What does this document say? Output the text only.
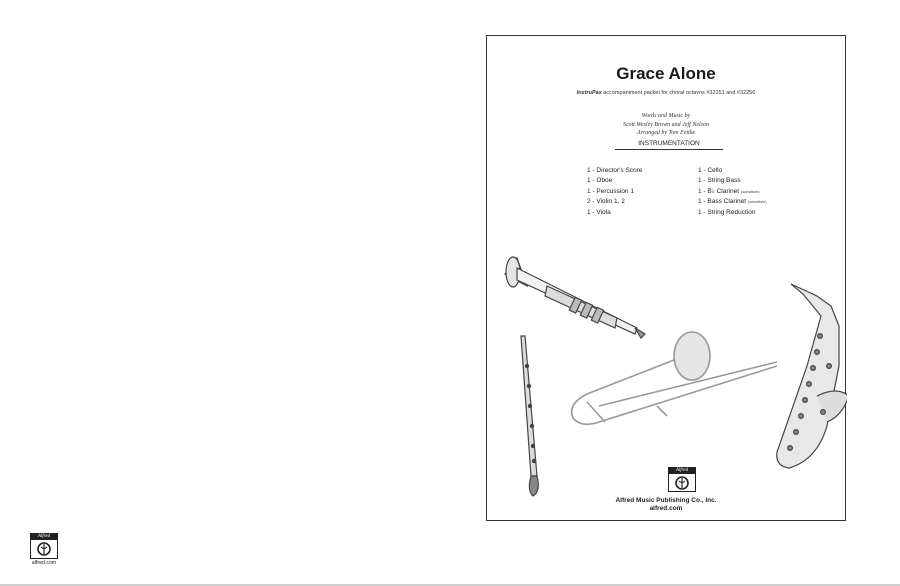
Alfred
alfred.com
Grace Alone
InstruPax accompaniment packet for choral octavos #32251 and #32256
Words and Music by
Scott Wesley Brown and Jeff Nelson
Arranged by Tom Fettke
INSTRUMENTATION
1 - Director's Score
1 - Oboe
1 - Percussion 1
2 - Violin 1, 2
1 - Viola
1 - Cello
1 - String Bass
1 - B♭ Clarinet (substitute)
1 - Bass Clarinet (substitute)
1 - String Reduction
Alfred
Alfred Music Publishing Co., Inc.
alfred.com
